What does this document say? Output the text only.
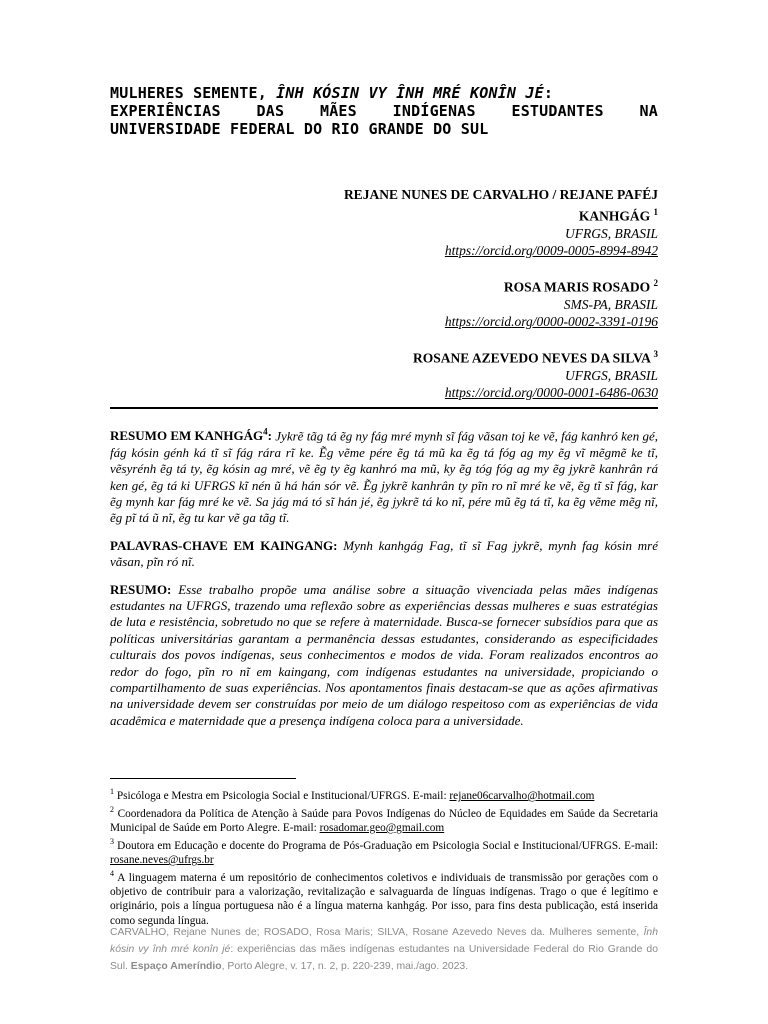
MULHERES SEMENTE, ÎNH KÓSIN VY ÎNH MRÉ KONÎN JÉ:
EXPERIÊNCIAS DAS MÃES INDÍGENAS ESTUDANTES NA
UNIVERSIDADE FEDERAL DO RIO GRANDE DO SUL
REJANE NUNES DE CARVALHO / REJANE PAFÉJ KANHGÁG $^1$
UFRGS, BRASIL
https://orcid.org/0009-0005-8994-8942
ROSA MARIS ROSADO $^2$
SMS-PA, BRASIL
https://orcid.org/0000-0002-3391-0196
ROSANE AZEVEDO NEVES DA SILVA $^3$
UFRGS, BRASIL
https://orcid.org/0000-0001-6486-0630

RESUMO EM KANHGÁG$^4$: Jykrẽ tãg tá ẽg ny fág mré mynh sĩ fág vãsan toj ke vẽ, fág kanhró ken gé, fág kósin génh ká tĩ sĩ fág rára rĩ ke. Ẽg vẽme pére ẽg tá mũ ka ẽg tá fóg ag my ẽg vĩ mẽgmẽ ke tĩ, vẽsyrénh ẽg tá ty, ẽg kósin ag mré, vẽ ẽg ty ẽg kanhró ma mũ, ky ẽg tóg fóg ag my ẽg jykrẽ kanhrân rá ken gé, ẽg tá ki UFRGS kĩ nén ũ há hán sór vẽ. Ẽg jykrẽ kanhrân ty pĩn ro nĩ mré ke vẽ, ẽg tĩ sĩ fág, kar ẽg mynh kar fág mré ke vẽ. Sa jág má tó sĩ hán jé, ẽg jykrẽ tá ko nĩ, pére mũ ẽg tá tĩ, ka ẽg vẽme mẽg nĩ, ẽg pĩ tá ũ nĩ, ẽg tu kar vẽ ga tãg tĩ.

PALAVRAS-CHAVE EM KAINGANG: Mynh kanhgág Fag, tĩ sĩ Fag jykrẽ, mynh fag kósin mré vãsan, pĩn ró nĩ.

RESUMO: Esse trabalho propõe uma análise sobre a situação vivenciada pelas mães indígenas estudantes na UFRGS, trazendo uma reflexão sobre as experiências dessas mulheres e suas estratégias de luta e resistência, sobretudo no que se refere à maternidade. Busca-se fornecer subsídios para que as políticas universitárias garantam a permanência dessas estudantes, considerando as especificidades culturais dos povos indígenas, seus conhecimentos e modos de vida. Foram realizados encontros ao redor do fogo, pĩn ro nĩ em kaingang, com indígenas estudantes na universidade, propiciando o compartilhamento de suas experiências. Nos apontamentos finais destacam-se que as ações afirmativas na universidade devem ser construídas por meio de um diálogo respeitoso com as experiências de vida acadêmica e maternidade que a presença indígena coloca para a universidade.

$^1$ Psicóloga e Mestra em Psicologia Social e Institucional/UFRGS. E-mail: rejane06carvalho@hotmail.com

$^2$ Coordenadora da Política de Atenção à Saúde para Povos Indígenas do Núcleo de Equidades em Saúde da Secretaria Municipal de Saúde em Porto Alegre. E-mail: rosadomar.geo@gmail.com

$^3$ Doutora em Educação e docente do Programa de Pós-Graduação em Psicologia Social e Institucional/UFRGS. E-mail: rosane.neves@ufrgs.br

$^4$ A linguagem materna é um repositório de conhecimentos coletivos e individuais de transmissão por gerações com o objetivo de contribuir para a valorização, revitalização e salvaguarda de línguas indígenas. Trago o que é legítimo e originário, pois a língua portuguesa não é a língua materna kanhgág. Por isso, para fins desta publicação, está inserida como segunda língua.

CARVALHO, Rejane Nunes de; ROSADO, Rosa Maris; SILVA, Rosane Azevedo Neves da. Mulheres semente, Înh kósin vy înh mré konîn jé: experiências das mães indígenas estudantes na Universidade Federal do Rio Grande do Sul. Espaço Ameríndio, Porto Alegre, v. 17, n. 2, p. 220-239, mai./ago. 2023.
